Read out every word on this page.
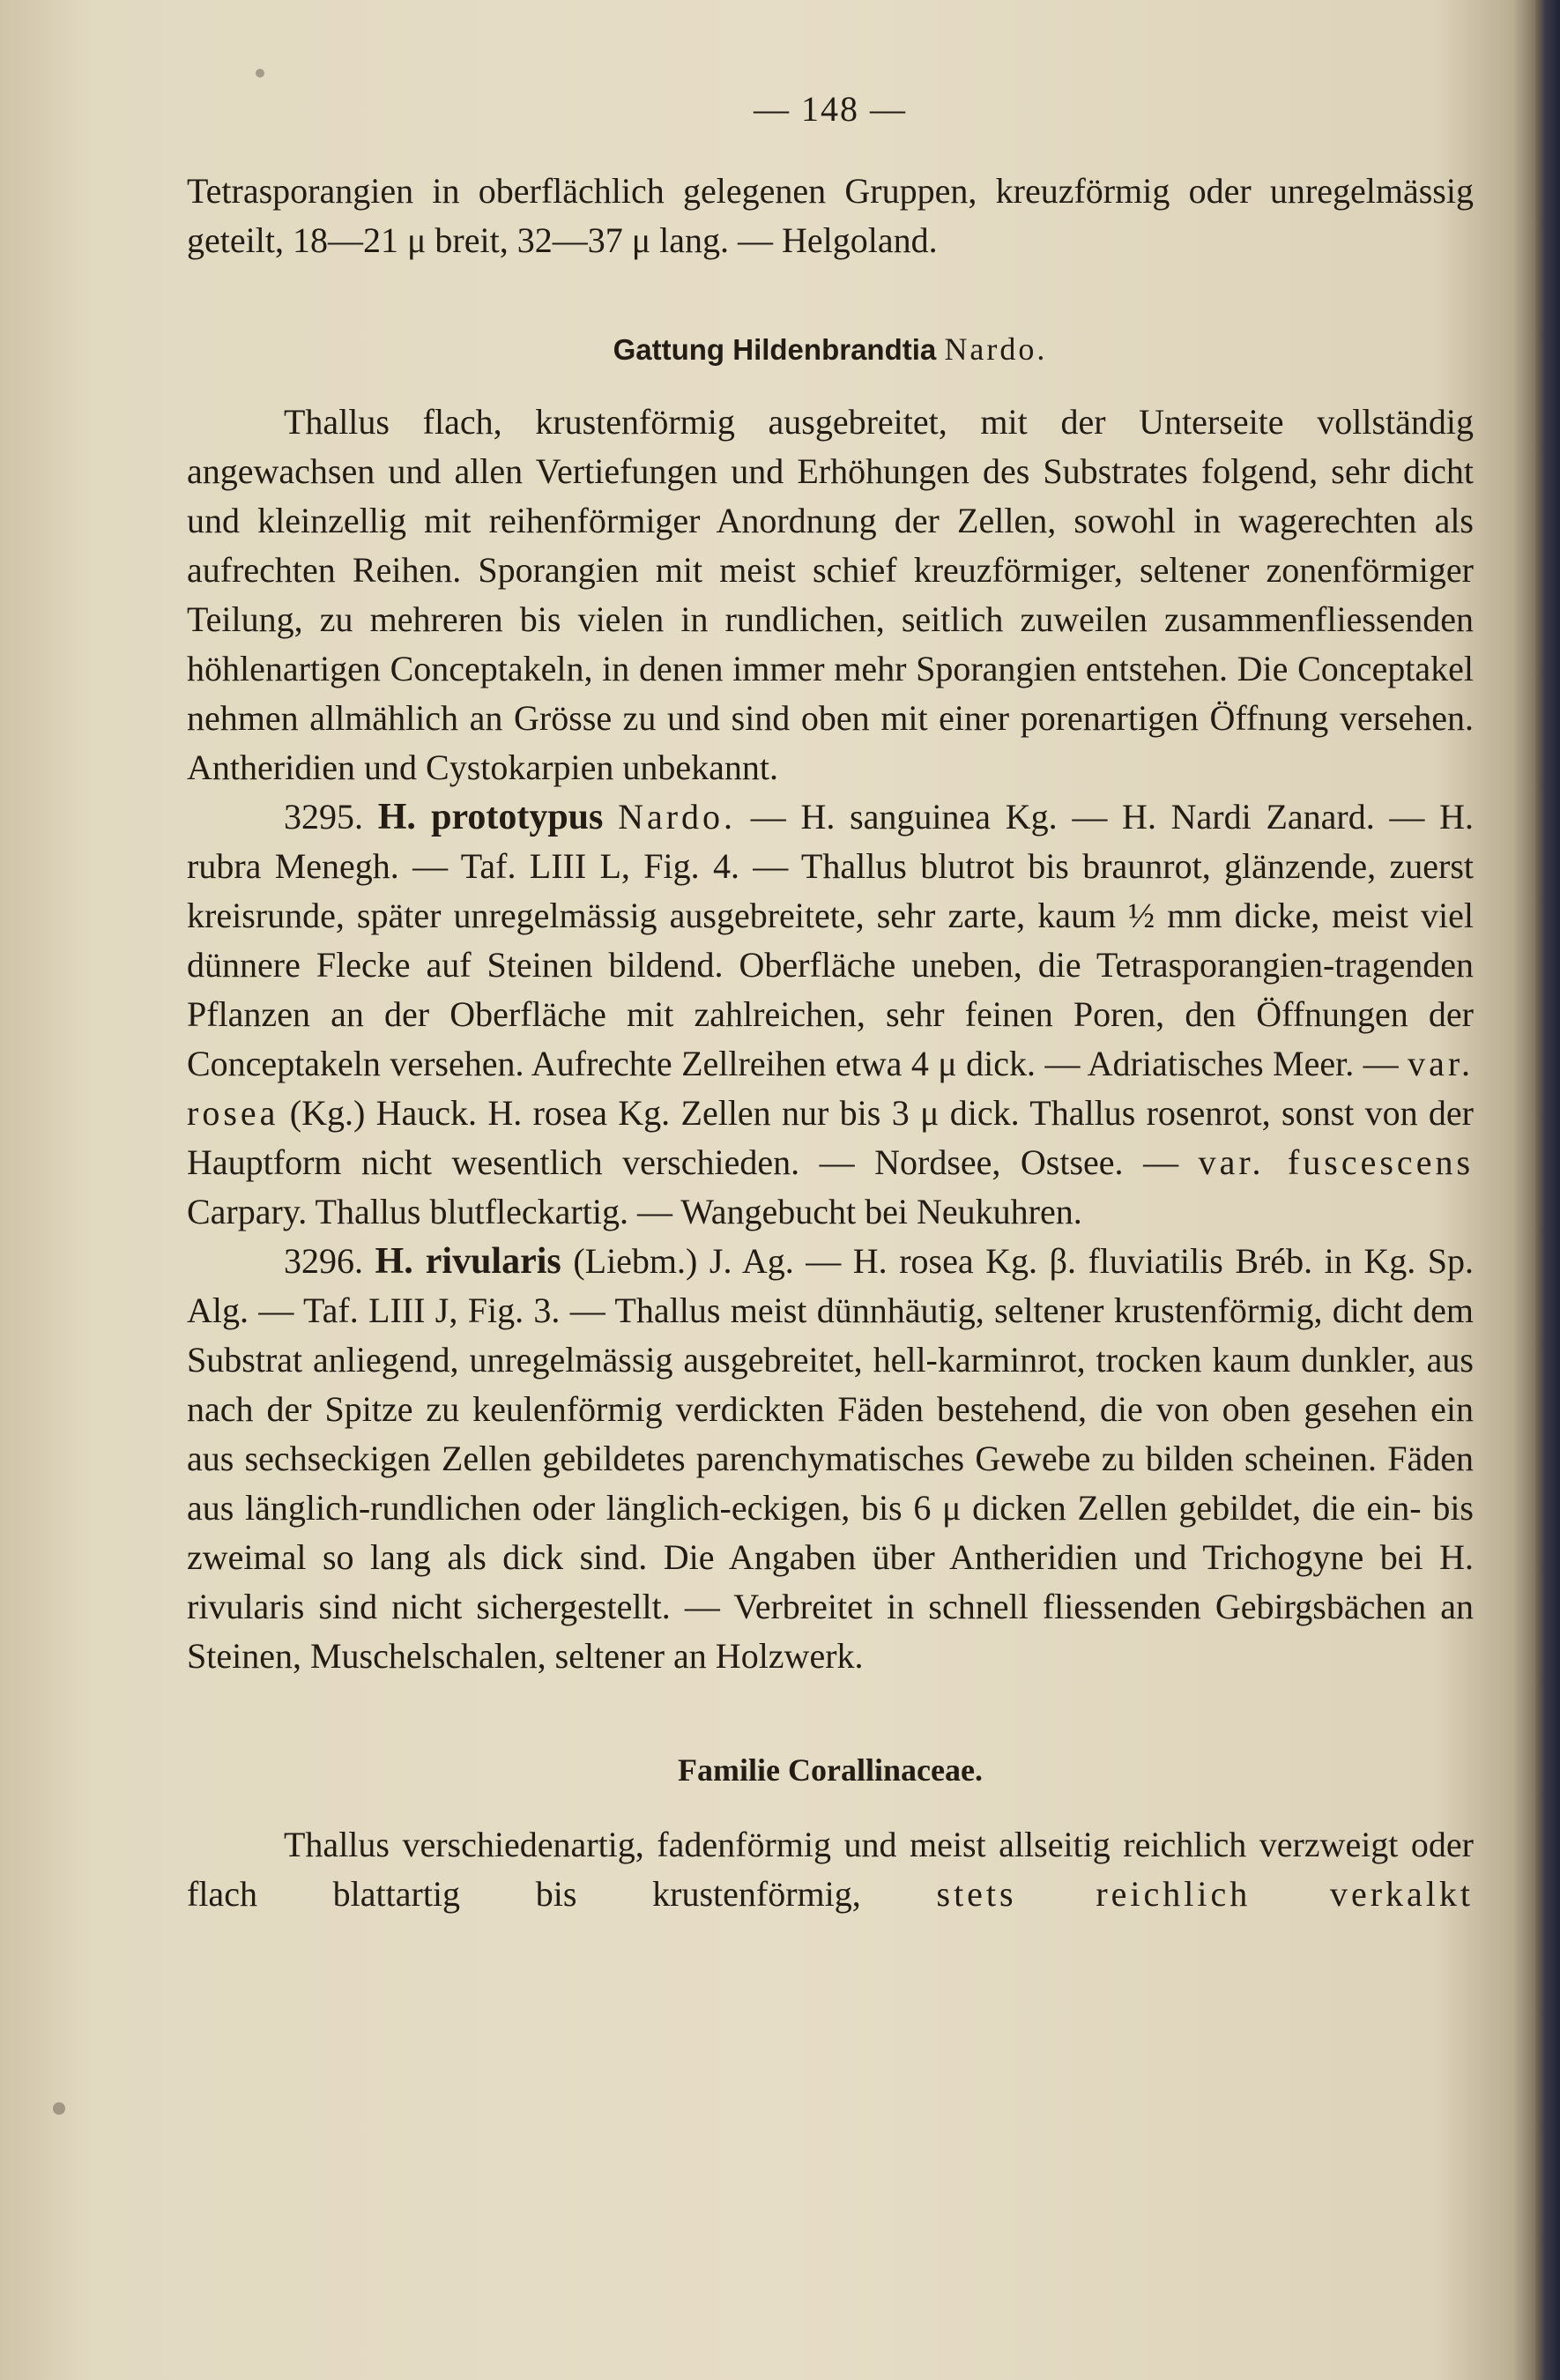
— 148 —

Tetrasporangien in oberflächlich gelegenen Gruppen, kreuzförmig oder unregelmässig geteilt, 18—21 μ breit, 32—37 μ lang. — Helgoland.

Gattung Hildenbrandtia Nardo.

Thallus flach, krustenförmig ausgebreitet, mit der Unterseite vollständig angewachsen und allen Vertiefungen und Erhöhungen des Substrates folgend, sehr dicht und kleinzellig mit reihenförmiger Anordnung der Zellen, sowohl in wagerechten als aufrechten Reihen. Sporangien mit meist schief kreuzförmiger, seltener zonenförmiger Teilung, zu mehreren bis vielen in rundlichen, seitlich zuweilen zusammenfliessenden höhlenartigen Conceptakeln, in denen immer mehr Sporangien entstehen. Die Conceptakel nehmen allmählich an Grösse zu und sind oben mit einer porenartigen Öffnung versehen. Antheridien und Cystokarpien unbekannt.

3295. H. prototypus Nardo. — H. sanguinea Kg. — H. Nardi Zanard. — H. rubra Menegh. — Taf. LIII L, Fig. 4. — Thallus blutrot bis braunrot, glänzende, zuerst kreisrunde, später unregelmässig ausgebreitete, sehr zarte, kaum ½ mm dicke, meist viel dünnere Flecke auf Steinen bildend. Oberfläche uneben, die Tetrasporangien-tragenden Pflanzen an der Oberfläche mit zahlreichen, sehr feinen Poren, den Öffnungen der Conceptakeln versehen. Aufrechte Zellreihen etwa 4 μ dick. — Adriatisches Meer. — var. rosea (Kg.) Hauck. H. rosea Kg. Zellen nur bis 3 μ dick. Thallus rosenrot, sonst von der Hauptform nicht wesentlich verschieden. — Nordsee, Ostsee. — var. fuscescens Carpary. Thallus blutfleckartig. — Wangebucht bei Neukuhren.

3296. H. rivularis (Liebm.) J. Ag. — H. rosea Kg. β. fluviatilis Bréb. in Kg. Sp. Alg. — Taf. LIII J, Fig. 3. — Thallus meist dünnhäutig, seltener krustenförmig, dicht dem Substrat anliegend, unregelmässig ausgebreitet, hell-karminrot, trocken kaum dunkler, aus nach der Spitze zu keulenförmig verdickten Fäden bestehend, die von oben gesehen ein aus sechseckigen Zellen gebildetes parenchymatisches Gewebe zu bilden scheinen. Fäden aus länglich-rundlichen oder länglich-eckigen, bis 6 μ dicken Zellen gebildet, die ein- bis zweimal so lang als dick sind. Die Angaben über Antheridien und Trichogyne bei H. rivularis sind nicht sichergestellt. — Verbreitet in schnell fliessenden Gebirgsbächen an Steinen, Muschelschalen, seltener an Holzwerk.

Familie Corallinaceae.

Thallus verschiedenartig, fadenförmig und meist allseitig reichlich verzweigt oder flach blattartig bis krustenförmig, stets reichlich verkalkt
